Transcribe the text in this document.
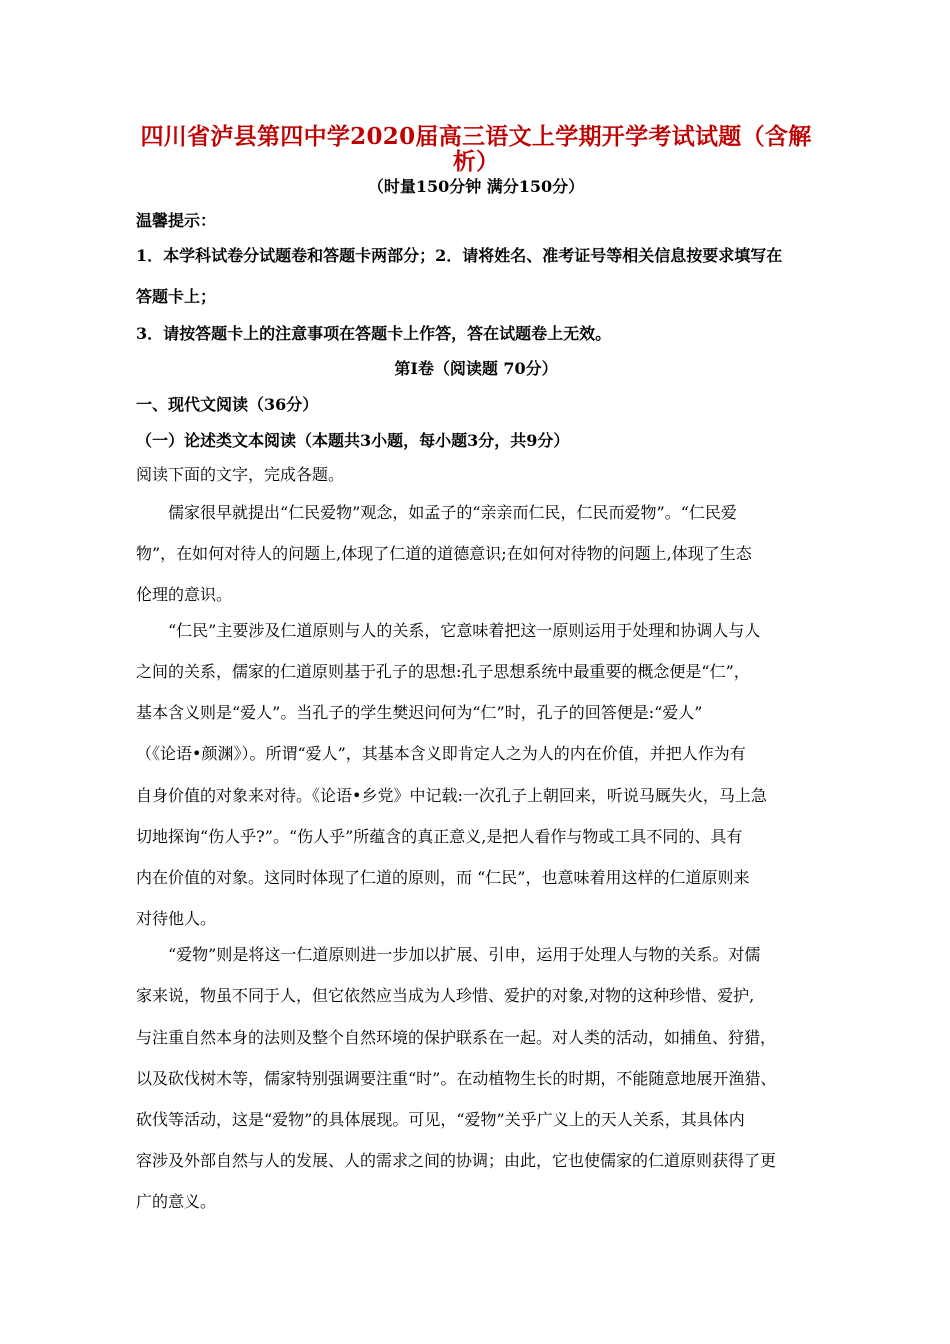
四川省泸县第四中学2020届高三语文上学期开学考试试题（含解
析）
（时量150分钟 满分150分）
温馨提示：
1．本学科试卷分试题卷和答题卡两部分；2．请将姓名、准考证号等相关信息按要求填写在
答题卡上；
3．请按答题卡上的注意事项在答题卡上作答，答在试题卷上无效。
第Ⅰ卷（阅读题 70分）
一、现代文阅读（36分）
（一）论述类文本阅读（本题共3小题，每小题3分，共9分）
阅读下面的文字，完成各题。
儒家很早就提出“仁民爱物”观念，如孟子的“亲亲而仁民，仁民而爱物”。“仁民爱
物”，在如何对待人的问题上,体现了仁道的道德意识;在如何对待物的问题上,体现了生态
伦理的意识。
“仁民”主要涉及仁道原则与人的关系，它意味着把这一原则运用于处理和协调人与人
之间的关系，儒家的仁道原则基于孔子的思想:孔子思想系统中最重要的概念便是“仁”，
基本含义则是“爱人”。当孔子的学生樊迟问何为“仁”时，孔子的回答便是:“爱人”
（《论语•颜渊》）。所谓“爱人”，其基本含义即肯定人之为人的内在价值，并把人作为有
自身价值的对象来对待。《论语•乡党》中记载:一次孔子上朝回来，听说马厩失火，马上急
切地探询“伤人乎?”。“伤人乎”所蕴含的真正意义,是把人看作与物或工具不同的、具有
内在价值的对象。这同时体现了仁道的原则，而 “仁民”，也意味着用这样的仁道原则来
对待他人。
“爱物”则是将这一仁道原则进一步加以扩展、引申，运用于处理人与物的关系。对儒
家来说，物虽不同于人，但它依然应当成为人珍惜、爱护的对象,对物的这种珍惜、爱护,
与注重自然本身的法则及整个自然环境的保护联系在一起。对人类的活动，如捕鱼、狩猎，
以及砍伐树木等，儒家特别强调要注重“时”。在动植物生长的时期，不能随意地展开渔猎、
砍伐等活动，这是“爱物”的具体展现。可见，“爱物”关乎广义上的天人关系，其具体内
容涉及外部自然与人的发展、人的需求之间的协调；由此，它也使儒家的仁道原则获得了更
广的意义。
